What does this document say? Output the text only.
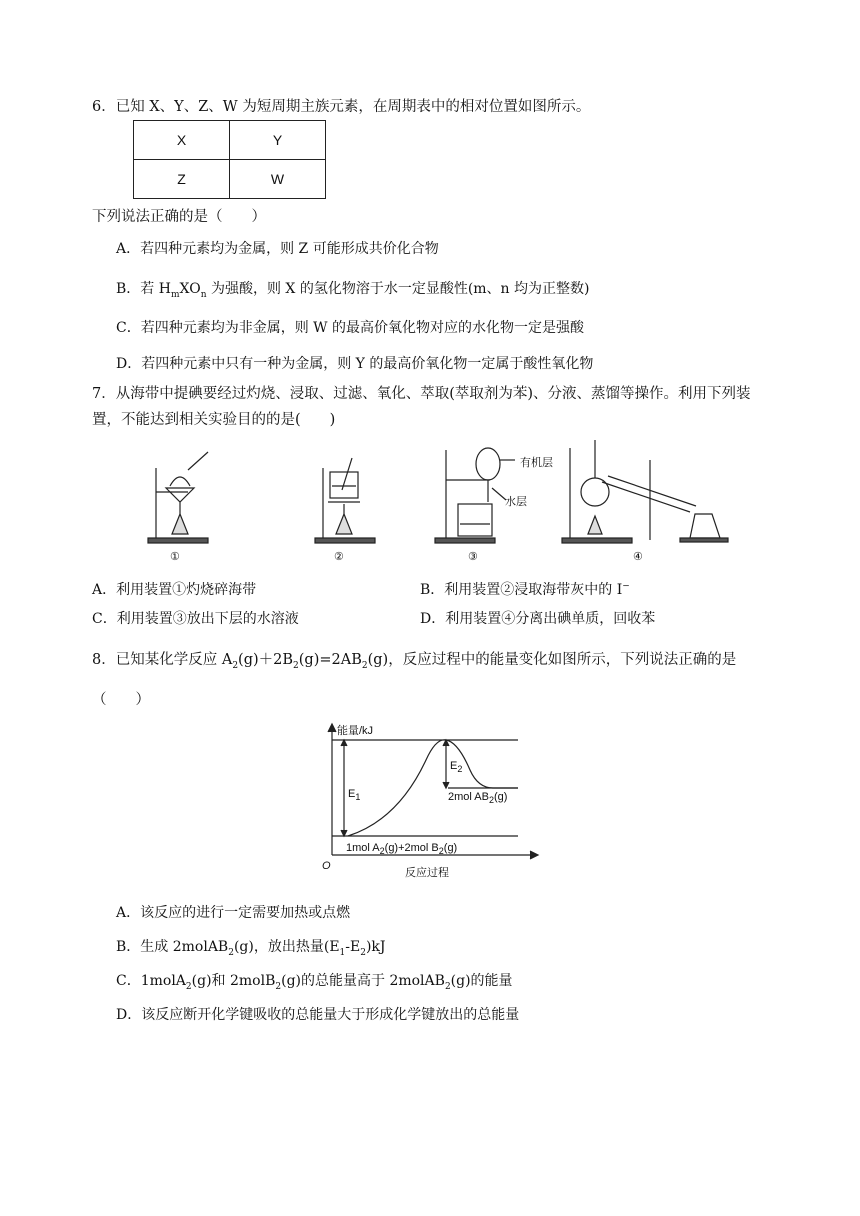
6．已知 X、Y、Z、W 为短周期主族元素，在周期表中的相对位置如图所示。
X	Y
Z	W
下列说法正确的是（　　）
A．若四种元素均为金属，则 Z 可能形成共价化合物
B．若 $H_mXO_n$ 为强酸，则 X 的氢化物溶于水一定显酸性(m、n 均为正整数)
C．若四种元素均为非金属，则 W 的最高价氧化物对应的水化物一定是强酸
D．若四种元素中只有一种为金属，则 Y 的最高价氧化物一定属于酸性氧化物
7．从海带中提碘要经过灼烧、浸取、过滤、氧化、萃取(萃取剂为苯)、分液、蒸馏等操作。利用下列装
置，不能达到相关实验目的的是(　　)
有机层
水层
①	②	③	④
A．利用装置①灼烧碎海带	B．利用装置②浸取海带灰中的 I−
C．利用装置③放出下层的水溶液	D．利用装置④分离出碘单质，回收苯
8．已知某化学反应 $A_2(g)+2B_2(g)=2AB_2(g)$，反应过程中的能量变化如图所示，下列说法正确的是
（　　）
能量/kJ
反应过程
O
$E_1$
$E_2$
2mol $AB_2(g)$
1mol $A_2(g)+2mol$ $B_2(g)$
A．该反应的进行一定需要加热或点燃
B．生成 2molAB$_2$(g)，放出热量$(E_1-E_2)kJ$
C．1molA$_2$(g)和 2molB$_2$(g)的总能量高于 2molAB$_2$(g)的能量
D．该反应断开化学键吸收的总能量大于形成化学键放出的总能量
